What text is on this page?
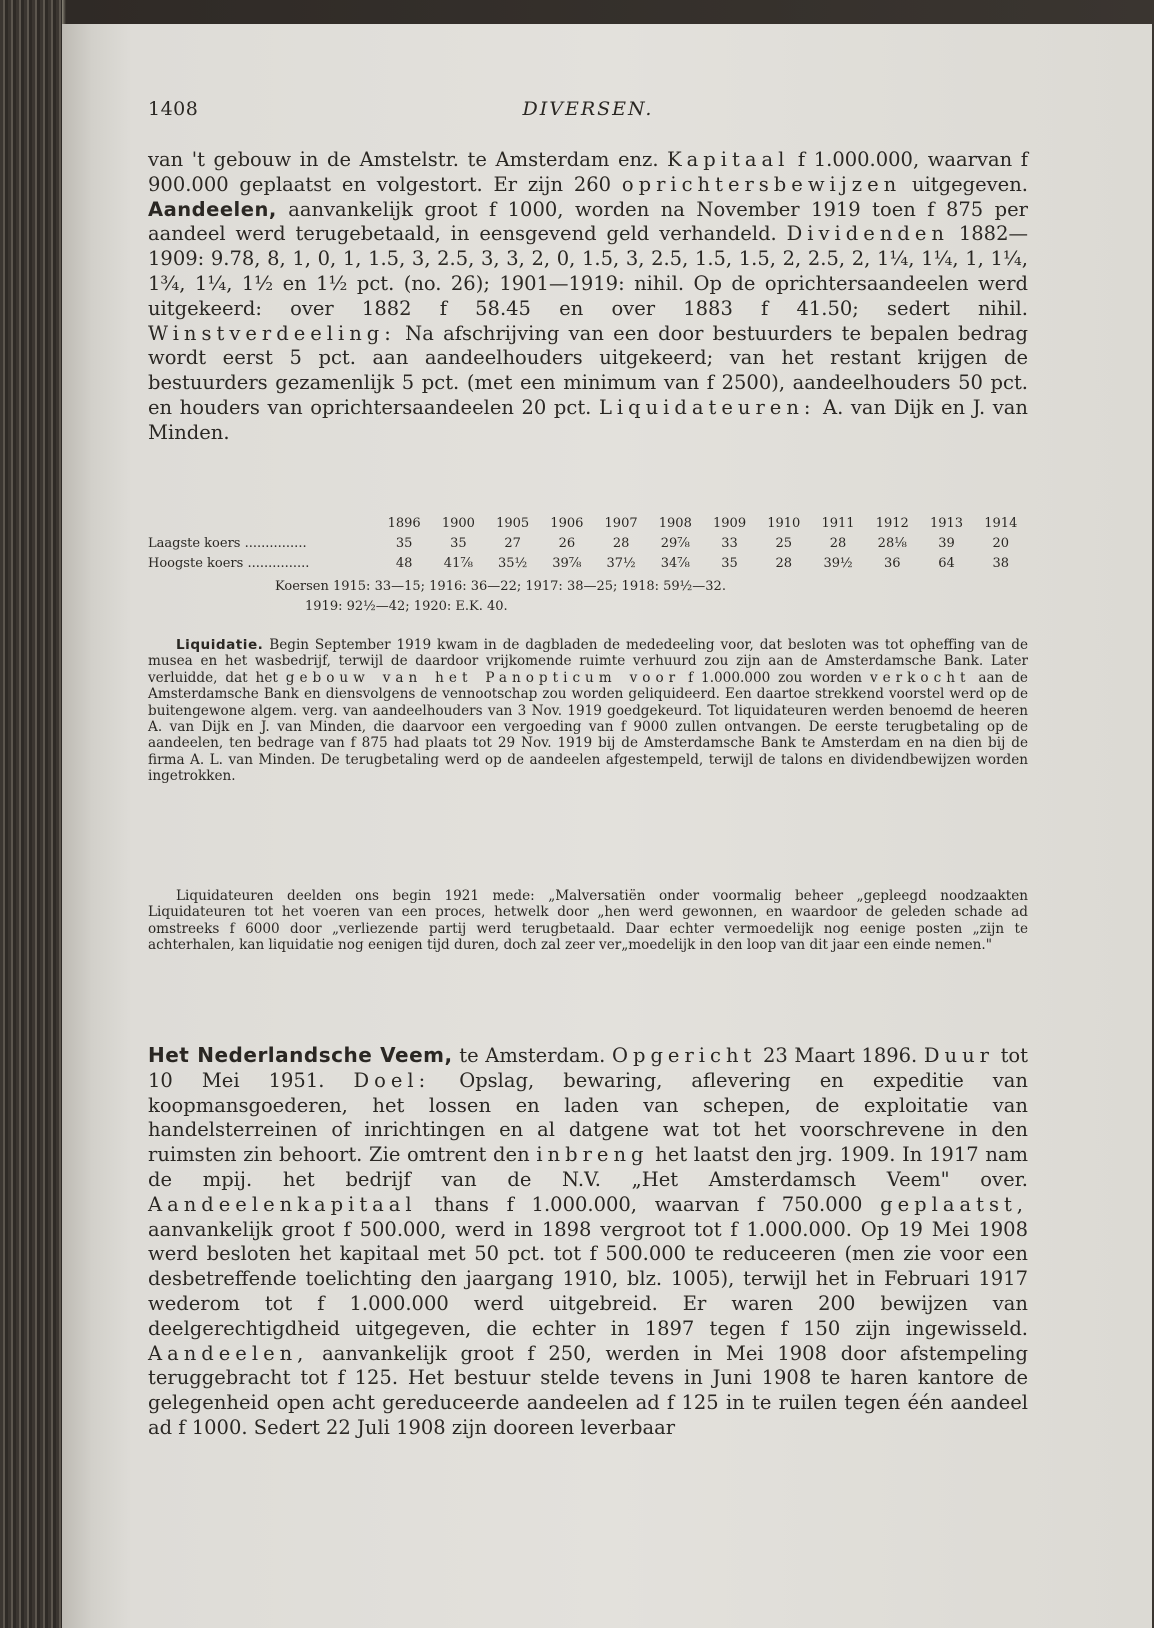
1408	DIVERSEN.
van 't gebouw in de Amstelstr. te Amsterdam enz. Kapitaal f 1.000.000, waarvan f 900.000 geplaatst en volgestort. Er zijn 260 oprichtersbewijzen uitgegeven. Aandeelen, aanvankelijk groot f 1000, worden na November 1919 toen f 875 per aandeel werd terugebetaald, in eensgevend geld verhandeld. Dividenden 1882—1909: 9.78, 8, 1, 0, 1, 1.5, 3, 2.5, 3, 3, 2, 0, 1.5, 3, 2.5, 1.5, 1.5, 2, 2.5, 2, 1¼, 1¼, 1, 1¼, 1¾, 1¼, 1½ en 1½ pct. (no. 26); 1901—1919: nihil. Op de oprichtersaandeelen werd uitgekeerd: over 1882 f 58.45 en over 1883 f 41.50; sedert nihil. Winstverdeeling: Na afschrijving van een door bestuurders te bepalen bedrag wordt eerst 5 pct. aan aandeelhouders uitgekeerd; van het restant krijgen de bestuurders gezamenlijk 5 pct. (met een minimum van f 2500), aandeelhouders 50 pct. en houders van oprichtersaandeelen 20 pct. Liquidateuren: A. van Dijk en J. van Minden.
	1896	1900	1905	1906	1907	1908	1909	1910	1911	1912	1913	1914
Laagste koers ...............	35	35	27	26	28	29⅞	33	25	28	28⅛	39	20
Hoogste koers ...............	48	41⅞	35½	39⅞	37½	34⅞	35	28	39½	36	64	38
Koersen 1915: 33—15; 1916: 36—22; 1917: 38—25; 1918: 59½—32.
1919: 92½—42; 1920: E.K. 40.
Liquidatie. Begin September 1919 kwam in de dagbladen de mededeeling voor, dat besloten was tot opheffing van de musea en het wasbedrijf, terwijl de daardoor vrijkomende ruimte verhuurd zou zijn aan de Amsterdamsche Bank. Later verluidde, dat het gebouw van het Panopticum voor f 1.000.000 zou worden verkocht aan de Amsterdamsche Bank en diensvolgens de vennootschap zou worden geliquideerd. Een daartoe strekkend voorstel werd op de buitengewone algem. verg. van aandeelhouders van 3 Nov. 1919 goedgekeurd. Tot liquidateuren werden benoemd de heeren A. van Dijk en J. van Minden, die daarvoor een vergoeding van f 9000 zullen ontvangen. De eerste terugbetaling op de aandeelen, ten bedrage van f 875 had plaats tot 29 Nov. 1919 bij de Amsterdamsche Bank te Amsterdam en na dien bij de firma A. L. van Minden. De terugbetaling werd op de aandeelen afgestempeld, terwijl de talons en dividendbewijzen worden ingetrokken.
Liquidateuren deelden ons begin 1921 mede: „Malversatiën onder voormalig beheer „gepleegd noodzaakten Liquidateuren tot het voeren van een proces, hetwelk door „hen werd gewonnen, en waardoor de geleden schade ad omstreeks f 6000 door „verliezende partij werd terugbetaald. Daar echter vermoedelijk nog eenige posten „zijn te achterhalen, kan liquidatie nog eenigen tijd duren, doch zal zeer ver„moedelijk in den loop van dit jaar een einde nemen."
Het Nederlandsche Veem, te Amsterdam. Opgericht 23 Maart 1896. Duur tot 10 Mei 1951. Doel: Opslag, bewaring, aflevering en expeditie van koopmansgoederen, het lossen en laden van schepen, de exploitatie van handelsterreinen of inrichtingen en al datgene wat tot het voorschrevene in den ruimsten zin behoort. Zie omtrent den inbreng het laatst den jrg. 1909. In 1917 nam de mpij. het bedrijf van de N.V. „Het Amsterdamsch Veem" over. Aandeelenkapitaal thans f 1.000.000, waarvan f 750.000 geplaatst, aanvankelijk groot f 500.000, werd in 1898 vergroot tot f 1.000.000. Op 19 Mei 1908 werd besloten het kapitaal met 50 pct. tot f 500.000 te reduceeren (men zie voor een desbetreffende toelichting den jaargang 1910, blz. 1005), terwijl het in Februari 1917 wederom tot f 1.000.000 werd uitgebreid. Er waren 200 bewijzen van deelgerechtigdheid uitgegeven, die echter in 1897 tegen f 150 zijn ingewisseld. Aandeelen, aanvankelijk groot f 250, werden in Mei 1908 door afstempeling teruggebracht tot f 125. Het bestuur stelde tevens in Juni 1908 te haren kantore de gelegenheid open acht gereduceerde aandeelen ad f 125 in te ruilen tegen één aandeel ad f 1000. Sedert 22 Juli 1908 zijn dooreen leverbaar
